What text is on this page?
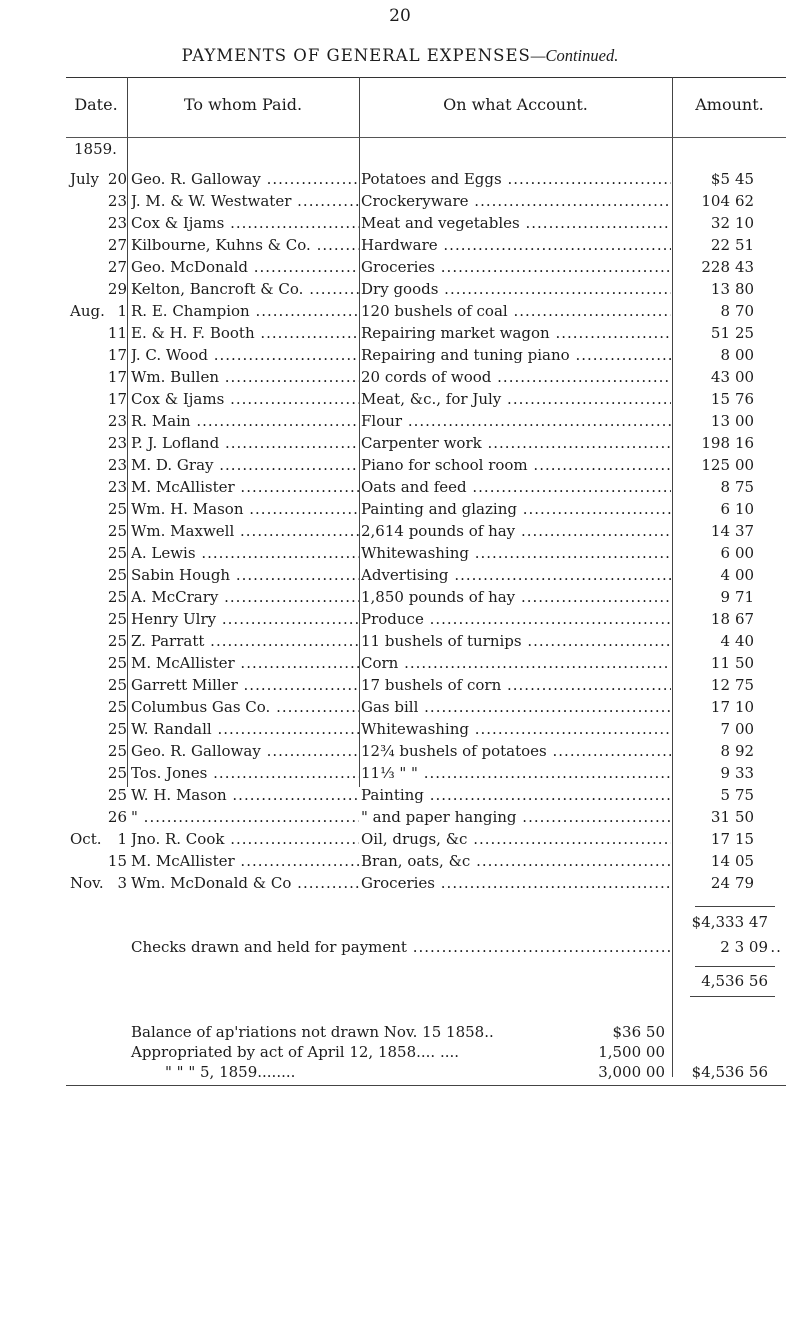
20
PAYMENTS OF GENERAL EXPENSES—Continued.
Date.	To whom Paid.	On what Account.	Amount.
1859.
July 20 Geo. R. Galloway .....	Potatoes and Eggs .....	$5 45
23 J. M. & W. Westwater .....	Crockeryware .....	104 62
23 Cox & Ijams .....	Meat and vegetables .....	32 10
27 Kilbourne, Kuhns & Co. .....	Hardware .....	22 51
27 Geo. McDonald .....	Groceries .....	228 43
29 Kelton, Bancroft & Co. .....	Dry goods .....	13 80
Aug. 1 R. E. Champion .....	120 bushels of coal .....	8 70
11 E. & H. F. Booth .....	Repairing market wagon .....	51 25
17 J. C. Wood .....	Repairing and tuning piano .....	8 00
17 Wm. Bullen .....	20 cords of wood .....	43 00
17 Cox & Ijams .....	Meat, &c., for July .....	15 76
23 R. Main .....	Flour .....	13 00
23 P. J. Lofland .....	Carpenter work .....	198 16
23 M. D. Gray .....	Piano for school room .....	125 00
23 M. McAllister .....	Oats and feed .....	8 75
25 Wm. H. Mason .....	Painting and glazing .....	6 10
25 Wm. Maxwell .....	2,614 pounds of hay .....	14 37
25 A. Lewis .....	Whitewashing .....	6 00
25 Sabin Hough .....	Advertising .....	4 00
25 A. McCrary .....	1,850 pounds of hay .....	9 71
25 Henry Ulry .....	Produce .....	18 67
25 Z. Parratt .....	11 bushels of turnips .....	4 40
25 M. McAllister .....	Corn .....	11 50
25 Garrett Miller .....	17 bushels of corn .....	12 75
25 Columbus Gas Co. .....	Gas bill .....	17 10
25 W. Randall .....	Whitewashing .....	7 00
25 Geo. R. Galloway .....	12¾ bushels of potatoes .....	8 92
25 Tos. Jones .....	11⅓ " " .....	9 33
25 W. H. Mason .....	Painting .....	5 75
26 " .....	" and paper hanging .....	31 50
Oct.	1 Jno. R. Cook .....	Oil, drugs, &c .....	17 15
15 M. McAllister .....	Bran, oats, &c .....	14 05
Nov. 3 Wm. McDonald & Co .....	Groceries .....	24 79
$4,333 47
Checks drawn and held for payment .....	2 3 09
4,536 56
Balance of ap'riations not drawn Nov. 15 1858..	$36 50
Appropriated by act of April 12, 1858.... ....	1,500 00
" " " 5, 1859........	3,000 00	$4,536 56
